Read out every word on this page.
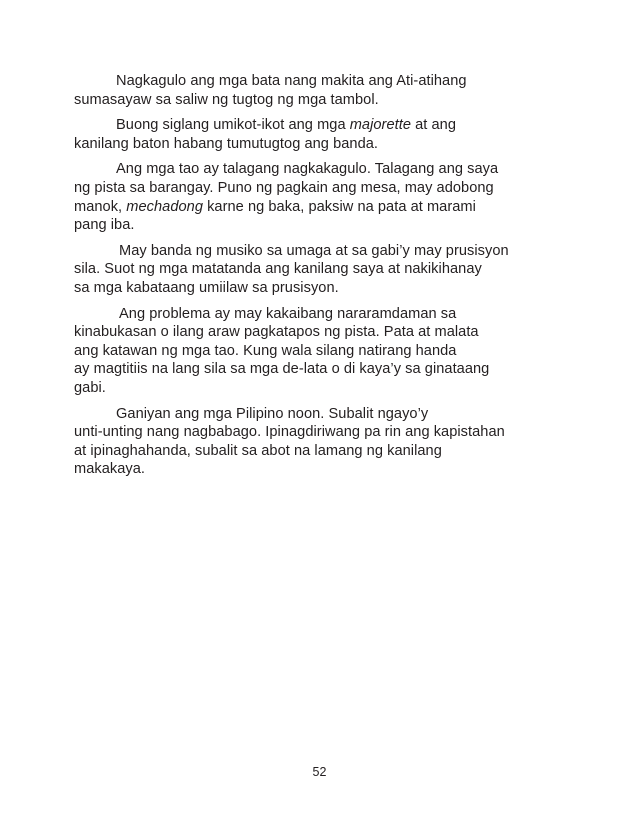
Nagkagulo ang mga bata nang makita ang Ati-atihang
sumasayaw sa saliw ng tugtog ng mga tambol.

Buong siglang umikot-ikot ang mga majorette at ang
kanilang baton habang tumutugtog ang banda.

Ang mga tao ay talagang nagkakagulo. Talagang ang saya
ng pista sa barangay. Puno ng pagkain ang mesa, may adobong
manok, mechadong karne ng baka, paksiw na pata at marami
pang iba.

May banda ng musiko sa umaga at sa gabi’y may prusisyon
sila. Suot ng mga matatanda ang kanilang saya at nakikihanay
sa mga kabataang umiilaw sa prusisyon.

Ang problema ay may kakaibang nararamdaman sa
kinabukasan o ilang araw pagkatapos ng pista. Pata at malata
ang katawan ng mga tao. Kung wala silang natirang handa
ay magtitiis na lang sila sa mga de-lata o di kaya’y sa ginataang
gabi.

Ganiyan ang mga Pilipino noon. Subalit ngayo’y
unti-unting nang nagbabago. Ipinagdiriwang pa rin ang kapistahan
at ipinaghahanda, subalit sa abot na lamang ng kanilang
makakaya.

52
